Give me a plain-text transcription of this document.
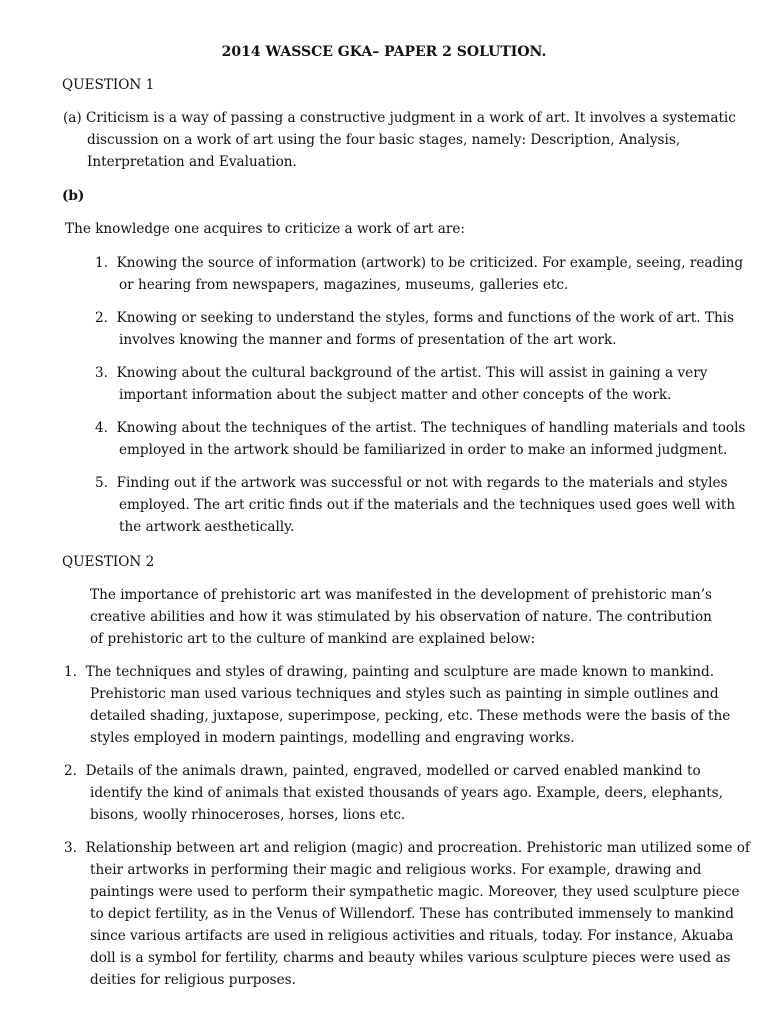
2014 WASSCE GKA– PAPER 2 SOLUTION.

QUESTION 1

(a) Criticism is a way of passing a constructive judgment in a work of art. It involves a systematic discussion on a work of art using the four basic stages, namely: Description, Analysis, Interpretation and Evaluation.

(b)

The knowledge one acquires to criticize a work of art are:

1.  Knowing the source of information (artwork) to be criticized. For example, seeing, reading or hearing from newspapers, magazines, museums, galleries etc.

2.  Knowing or seeking to understand the styles, forms and functions of the work of art. This involves knowing the manner and forms of presentation of the art work.

3.  Knowing about the cultural background of the artist. This will assist in gaining a very important information about the subject matter and other concepts of the work.

4.  Knowing about the techniques of the artist. The techniques of handling materials and tools employed in the artwork should be familiarized in order to make an informed judgment.

5.  Finding out if the artwork was successful or not with regards to the materials and styles employed. The art critic finds out if the materials and the techniques used goes well with the artwork aesthetically.

QUESTION 2

The importance of prehistoric art was manifested in the development of prehistoric man’s creative abilities and how it was stimulated by his observation of nature. The contribution of prehistoric art to the culture of mankind are explained below:

1.  The techniques and styles of drawing, painting and sculpture are made known to mankind. Prehistoric man used various techniques and styles such as painting in simple outlines and detailed shading, juxtapose, superimpose, pecking, etc. These methods were the basis of the styles employed in modern paintings, modelling and engraving works.

2.  Details of the animals drawn, painted, engraved, modelled or carved enabled mankind to identify the kind of animals that existed thousands of years ago. Example, deers, elephants, bisons, woolly rhinoceroses, horses, lions etc.

3.  Relationship between art and religion (magic) and procreation. Prehistoric man utilized some of their artworks in performing their magic and religious works. For example, drawing and paintings were used to perform their sympathetic magic. Moreover, they used sculpture piece to depict fertility, as in the Venus of Willendorf. These has contributed immensely to mankind since various artifacts are used in religious activities and rituals, today. For instance, Akuaba doll is a symbol for fertility, charms and beauty whiles various sculpture pieces were used as deities for religious purposes.
